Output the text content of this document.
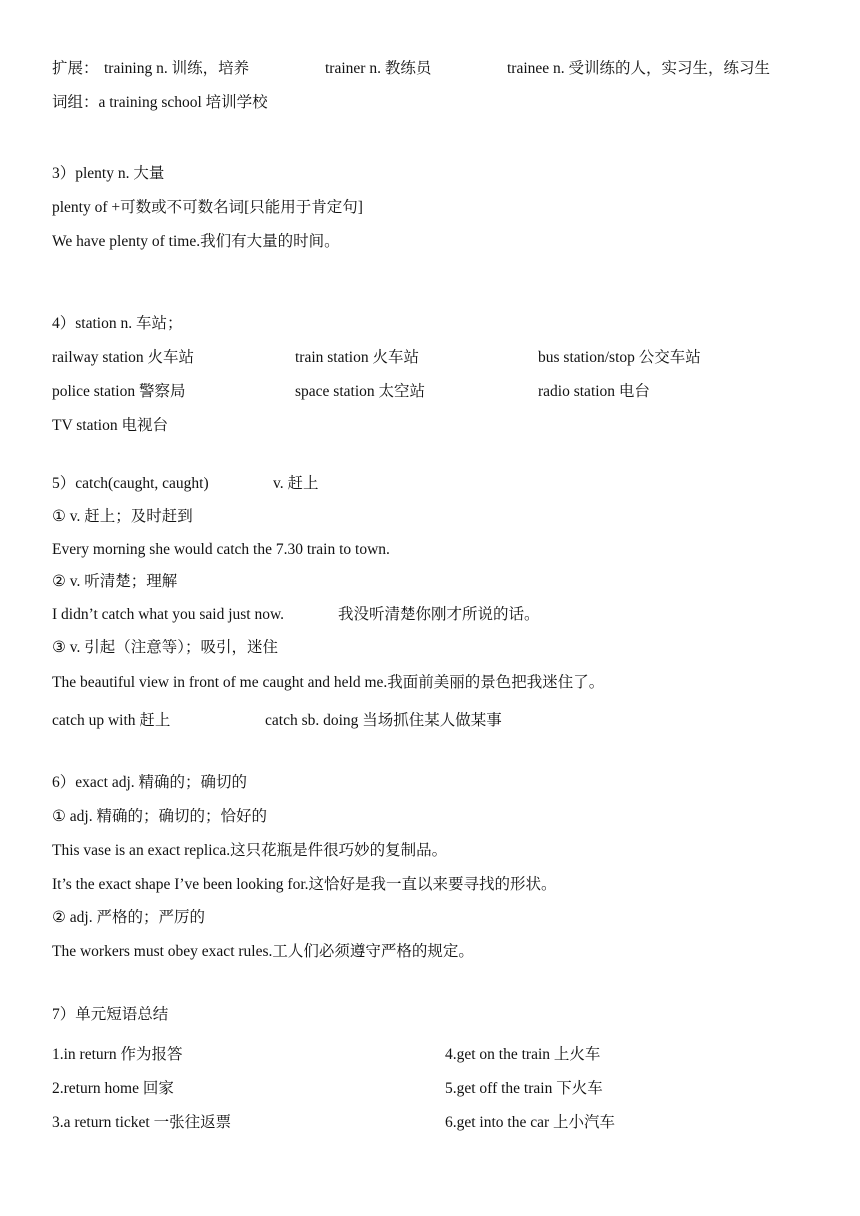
扩展： training n. 训练，培养	trainer n. 教练员	trainee n. 受训练的人，实习生，练习生
词组：a training school 培训学校
3）plenty n. 大量
plenty of +可数或不可数名词[只能用于肯定句]
We have plenty of time.我们有大量的时间。
4）station n. 车站；
railway station 火车站	train station 火车站	bus station/stop 公交车站
police station 警察局	space station 太空站	radio station 电台
TV station 电视台
5）catch(caught, caught)	v. 赶上
① v. 赶上；及时赶到
Every morning she would catch the 7.30 train to town.
② v. 听清楚；理解
I didn’t catch what you said just now.	我没听清楚你刚才所说的话。
③ v. 引起（注意等）；吸引，迷住
The beautiful view in front of me caught and held me.我面前美丽的景色把我迷住了。
catch up with 赶上	catch sb. doing 当场抓住某人做某事
6）exact adj. 精确的；确切的
① adj. 精确的；确切的；恰好的
This vase is an exact replica.这只花瓶是件很巧妙的复制品。
It’s the exact shape I’ve been looking for.这恰好是我一直以来要寻找的形状。
② adj. 严格的；严厉的
The workers must obey exact rules.工人们必须遵守严格的规定。
7）单元短语总结
1.in return 作为报答	4.get on the train 上火车
2.return home 回家	5.get off the train 下火车
3.a return ticket 一张往返票	6.get into the car 上小汽车
